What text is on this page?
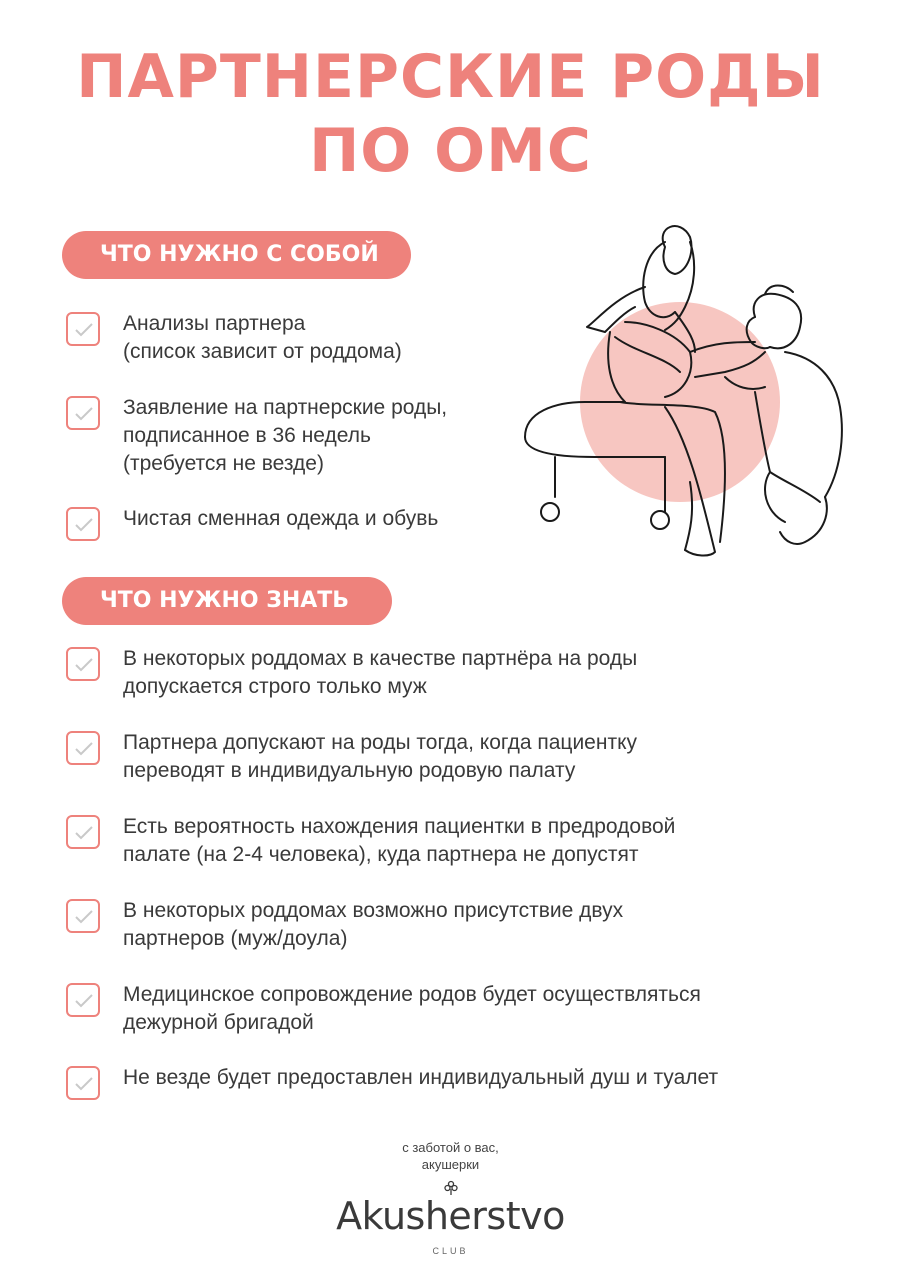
ПАРТНЕРСКИЕ РОДЫ
ПО ОМС
ЧТО НУЖНО С СОБОЙ
Анализы партнера
(список зависит от роддома)
Заявление на партнерские роды,
подписанное в 36 недель
(требуется не везде)
Чистая сменная одежда и обувь
ЧТО НУЖНО ЗНАТЬ
В некоторых роддомах в качестве партнёра на роды
допускается строго только муж
Партнера допускают на роды тогда, когда пациентку
переводят в индивидуальную родовую палату
Есть вероятность нахождения пациентки в предродовой
палате (на 2-4 человека), куда партнера не допустят
В некоторых роддомах возможно присутствие двух
партнеров (муж/доула)
Медицинское сопровождение родов будет осуществляться
дежурной бригадой
Не везде будет предоставлен индивидуальный душ и туалет
с заботой о вас,
акушерки
Akusherstvo
CLUB
